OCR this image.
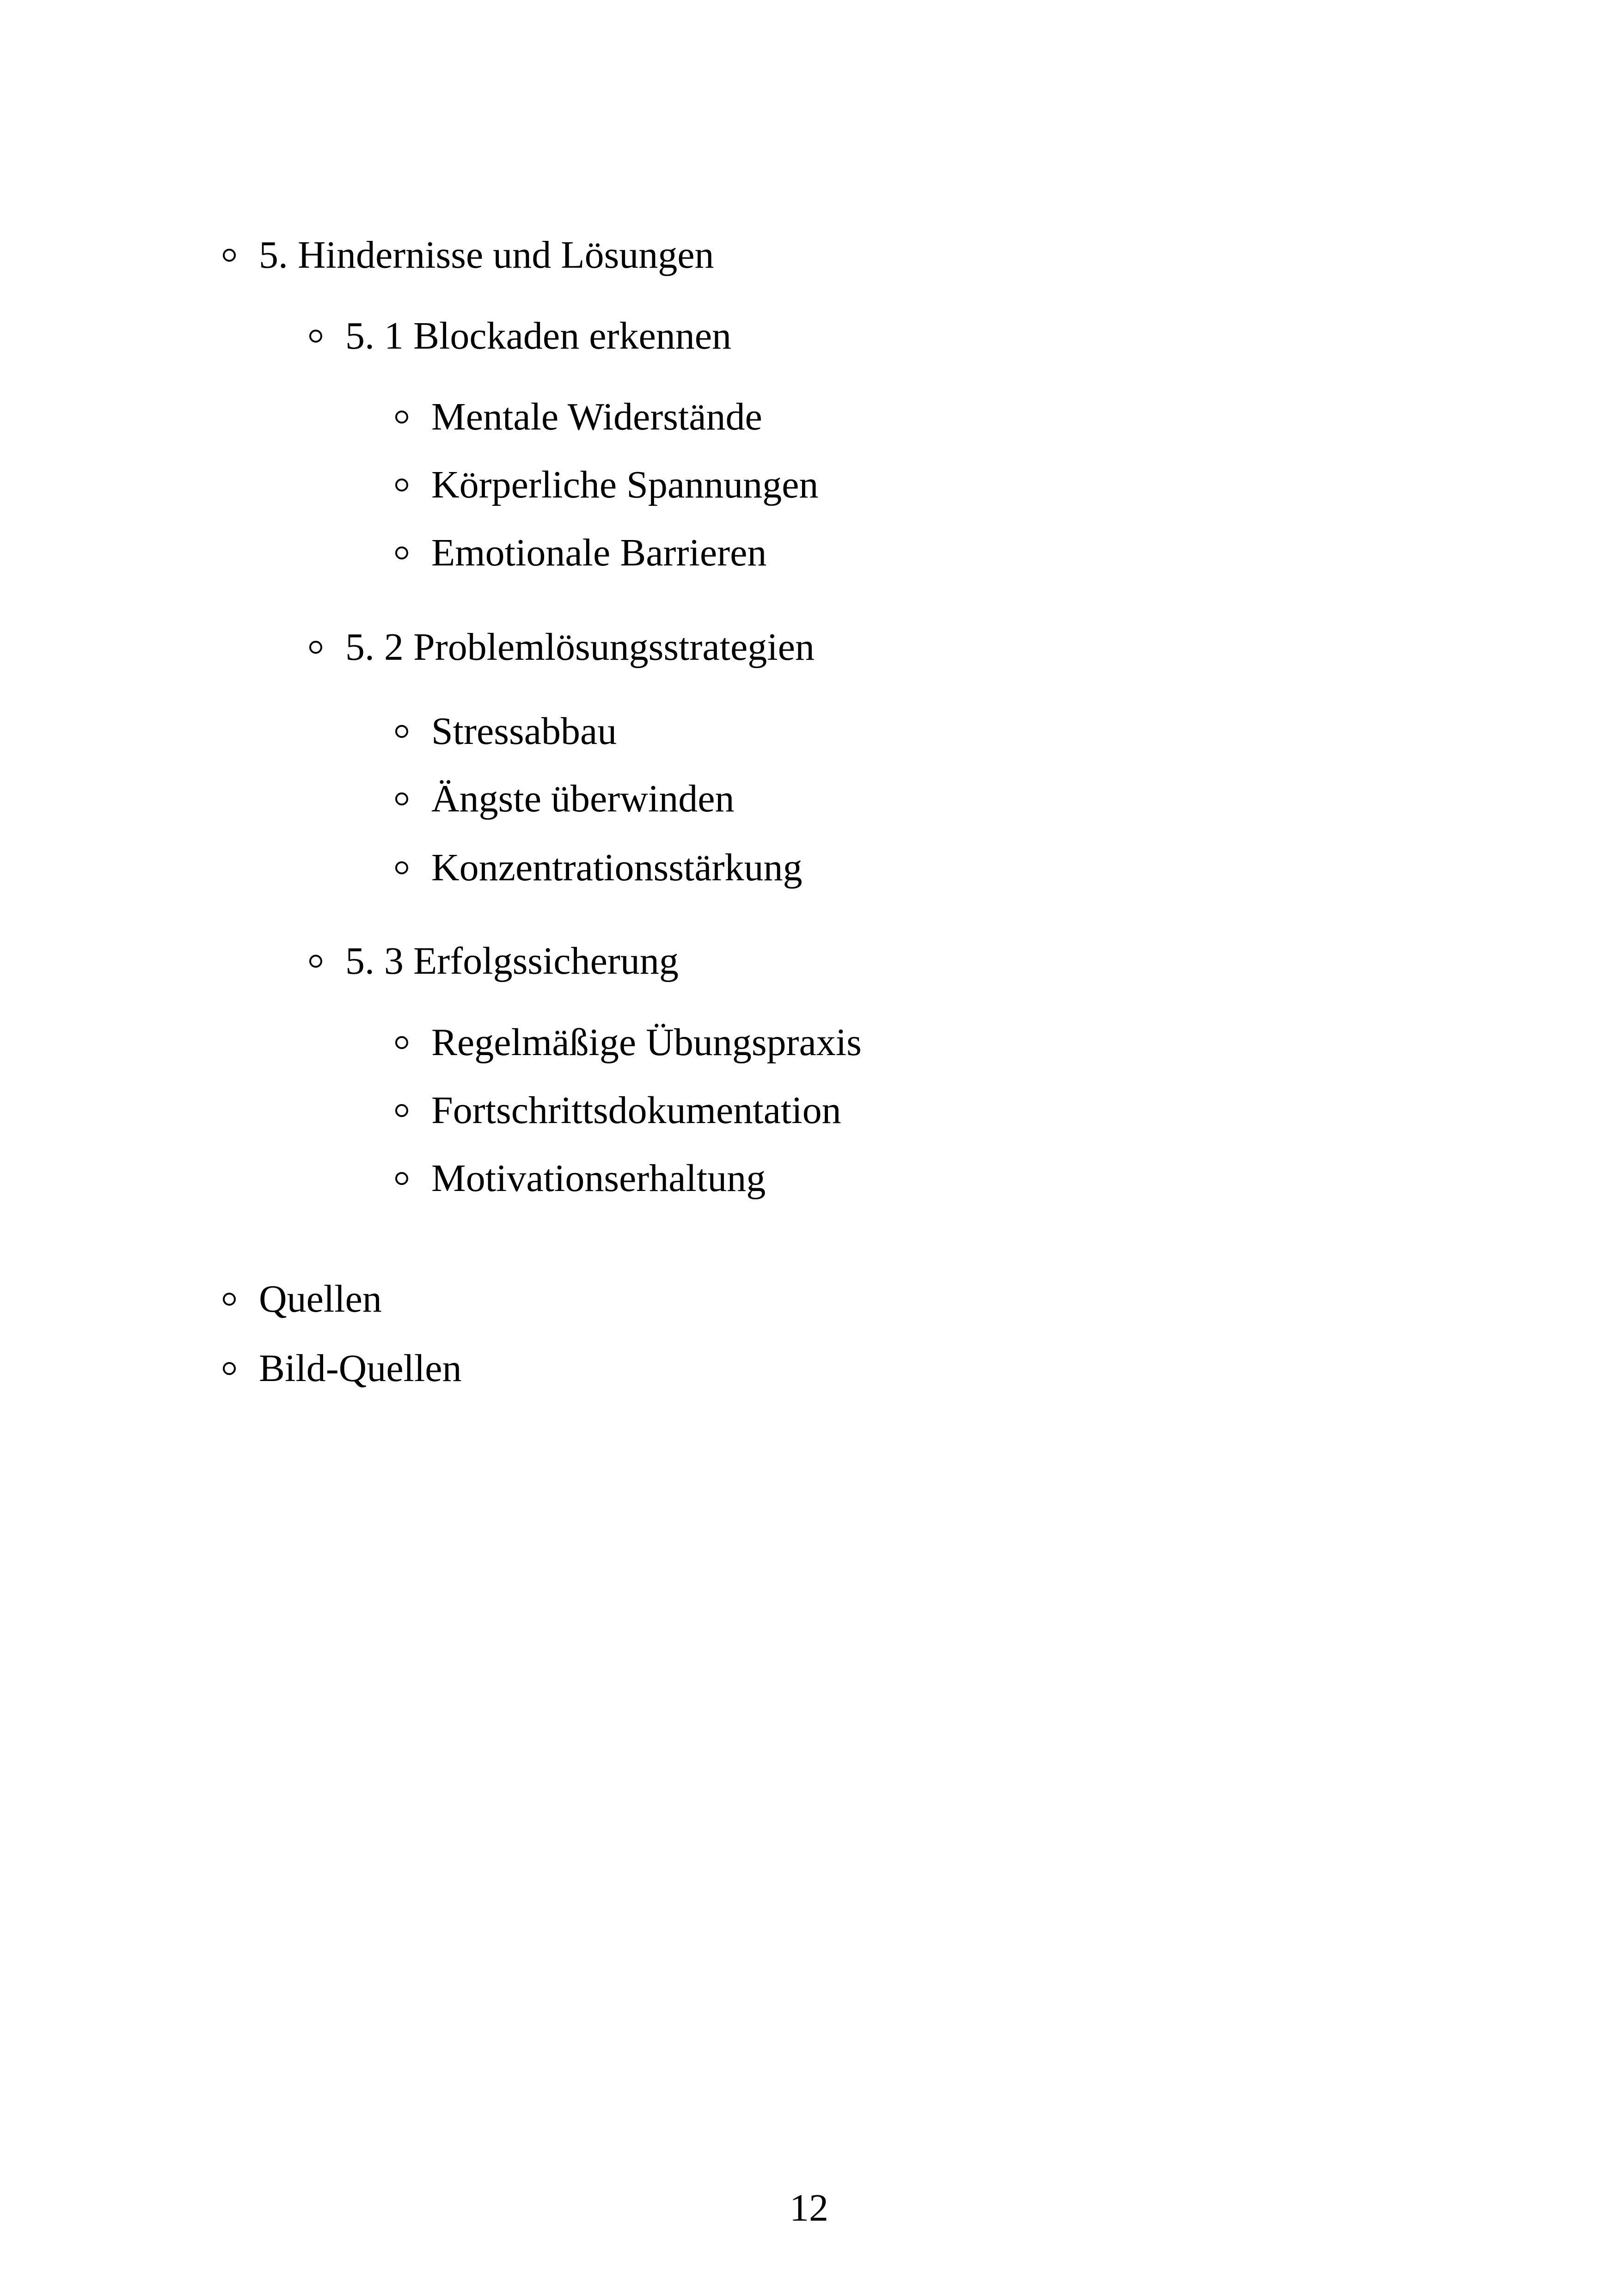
5. Hindernisse und Lösungen
5. 1 Blockaden erkennen
Mentale Widerstände
Körperliche Spannungen
Emotionale Barrieren
5. 2 Problemlösungsstrategien
Stressabbau
Ängste überwinden
Konzentrationsstärkung
5. 3 Erfolgssicherung
Regelmäßige Übungspraxis
Fortschrittsdokumentation
Motivationserhaltung
Quellen
Bild-Quellen
12
